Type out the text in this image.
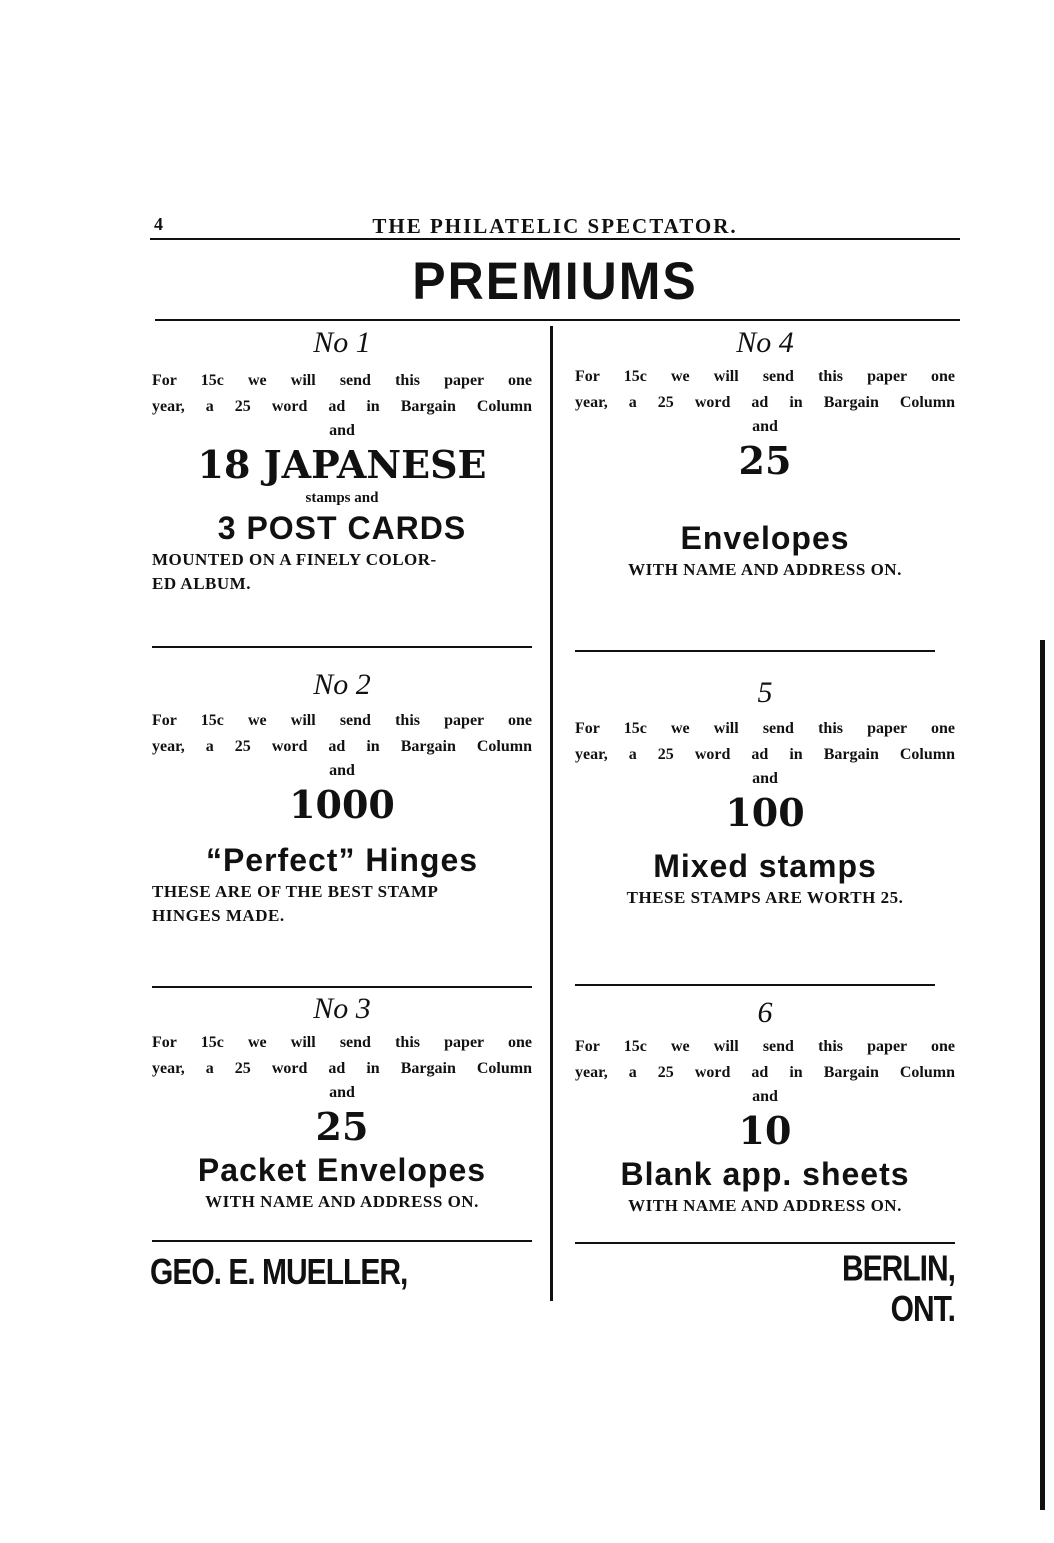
4	THE PHILATELIC SPECTATOR.
PREMIUMS
No 1
For 15c we will send this paper one
year, a 25 word ad in Bargain Column
and
18 JAPANESE
stamps and
3 POST CARDS
MOUNTED ON A FINELY COLOR-
ED ALBUM.
No 4
For 15c we will send this paper one
year, a 25 word ad in Bargain Column
and
25
Envelopes
WITH NAME AND ADDRESS ON.
No 2
For 15c we will send this paper one
year, a 25 word ad in Bargain Column
and
1000
“Perfect” Hinges
THESE ARE OF THE BEST STAMP
HINGES MADE.
5
For 15c we will send this paper one
year, a 25 word ad in Bargain Column
and
100
Mixed stamps
THESE STAMPS ARE WORTH 25.
No 3
For 15c we will send this paper one
year, a 25 word ad in Bargain Column
and
25
Packet Envelopes
WITH NAME AND ADDRESS ON.
6
For 15c we will send this paper one
year, a 25 word ad in Bargain Column
and
10
Blank app. sheets
WITH NAME AND ADDRESS ON.
GEO. E. MUELLER,	BERLIN, ONT.
